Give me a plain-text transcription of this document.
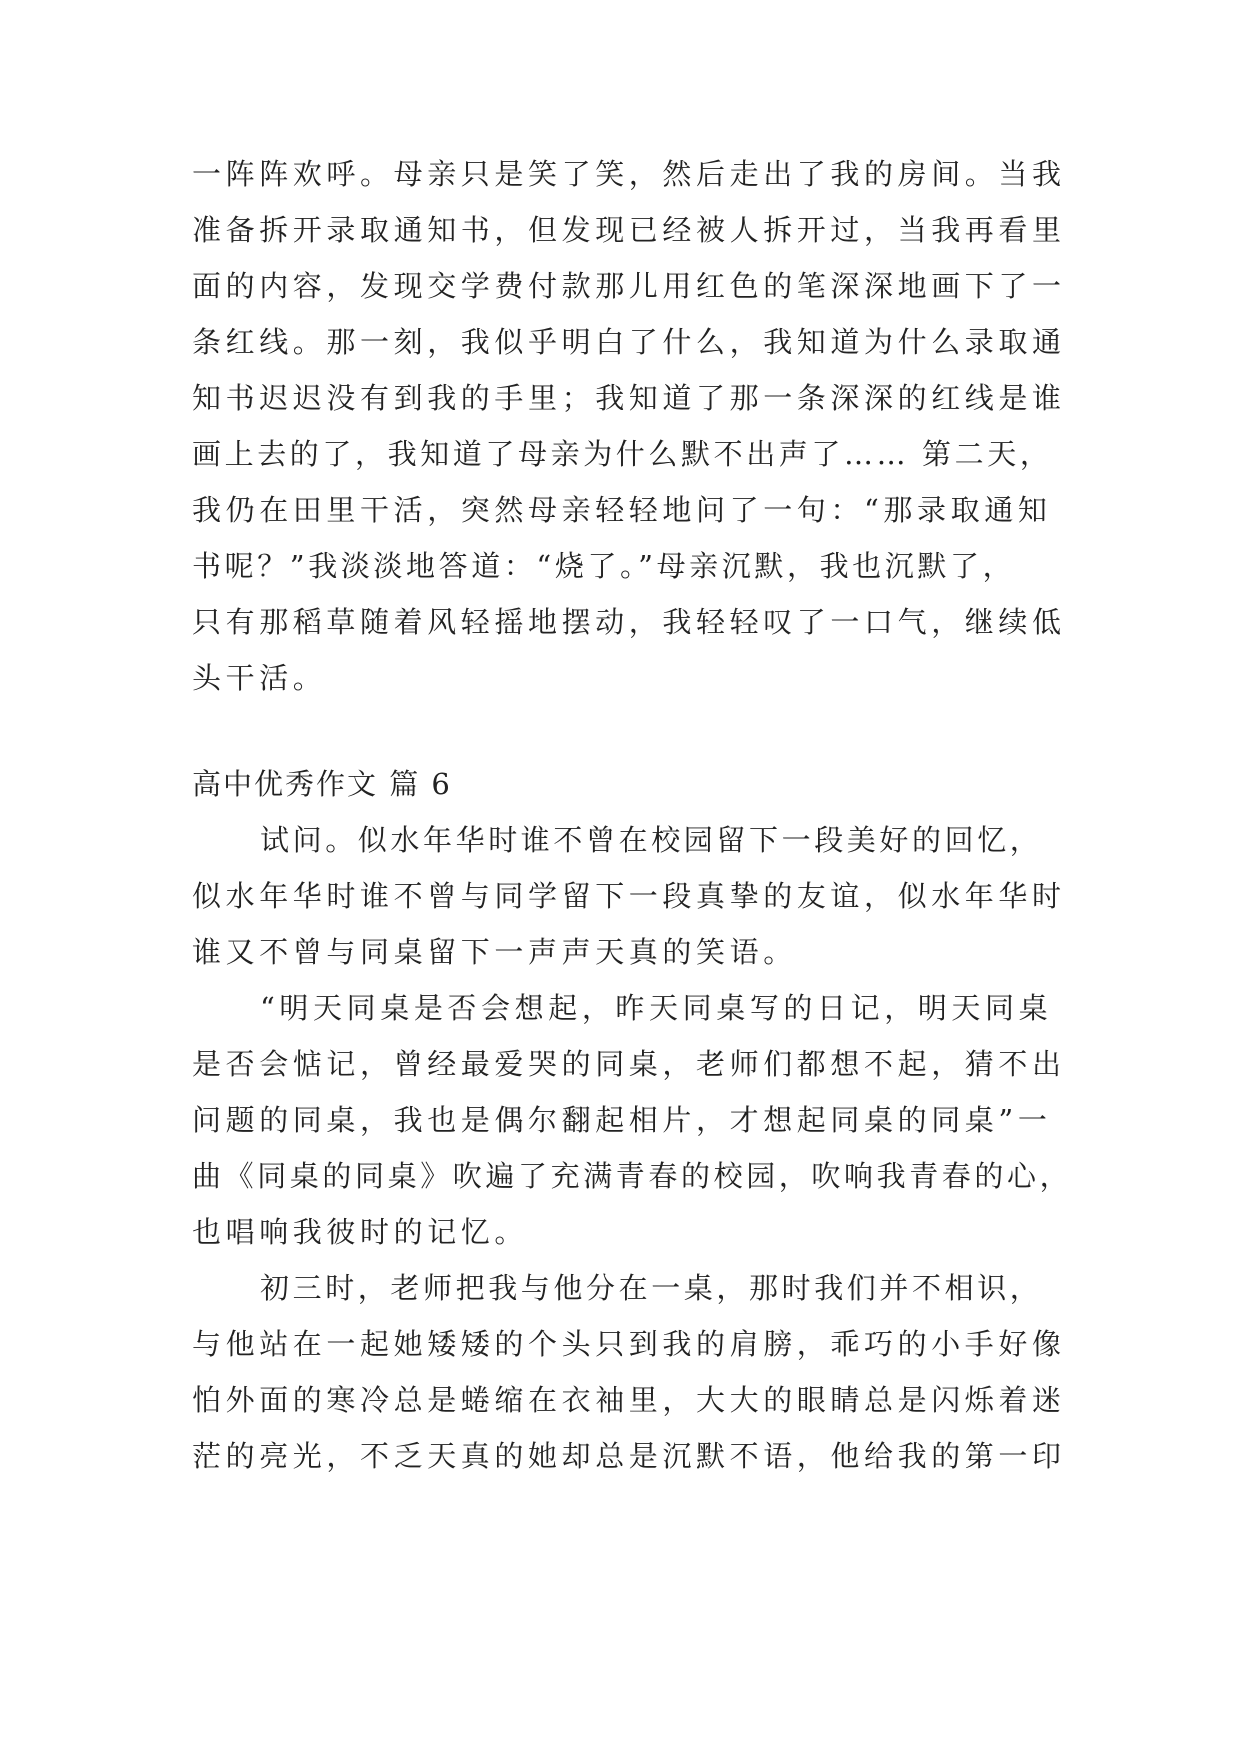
一阵阵欢呼。母亲只是笑了笑，然后走出了我的房间。当我
准备拆开录取通知书，但发现已经被人拆开过，当我再看里
面的内容，发现交学费付款那儿用红色的笔深深地画下了一
条红线。那一刻，我似乎明白了什么，我知道为什么录取通
知书迟迟没有到我的手里；我知道了那一条深深的红线是谁
画上去的了，我知道了母亲为什么默不出声了…… 第二天，
我仍在田里干活，突然母亲轻轻地问了一句：“那录取通知
书呢？”我淡淡地答道：“烧了。”母亲沉默，我也沉默了，
只有那稻草随着风轻摇地摆动，我轻轻叹了一口气，继续低
头干活。
高中优秀作文 篇 6
试问。似水年华时谁不曾在校园留下一段美好的回忆，
似水年华时谁不曾与同学留下一段真挚的友谊，似水年华时
谁又不曾与同桌留下一声声天真的笑语。
“明天同桌是否会想起，昨天同桌写的日记，明天同桌
是否会惦记，曾经最爱哭的同桌，老师们都想不起，猜不出
问题的同桌，我也是偶尔翻起相片，才想起同桌的同桌”一
曲《同桌的同桌》吹遍了充满青春的校园，吹响我青春的心，
也唱响我彼时的记忆。
初三时，老师把我与他分在一桌，那时我们并不相识，
与他站在一起她矮矮的个头只到我的肩膀，乖巧的小手好像
怕外面的寒冷总是蜷缩在衣袖里，大大的眼睛总是闪烁着迷
茫的亮光，不乏天真的她却总是沉默不语，他给我的第一印
